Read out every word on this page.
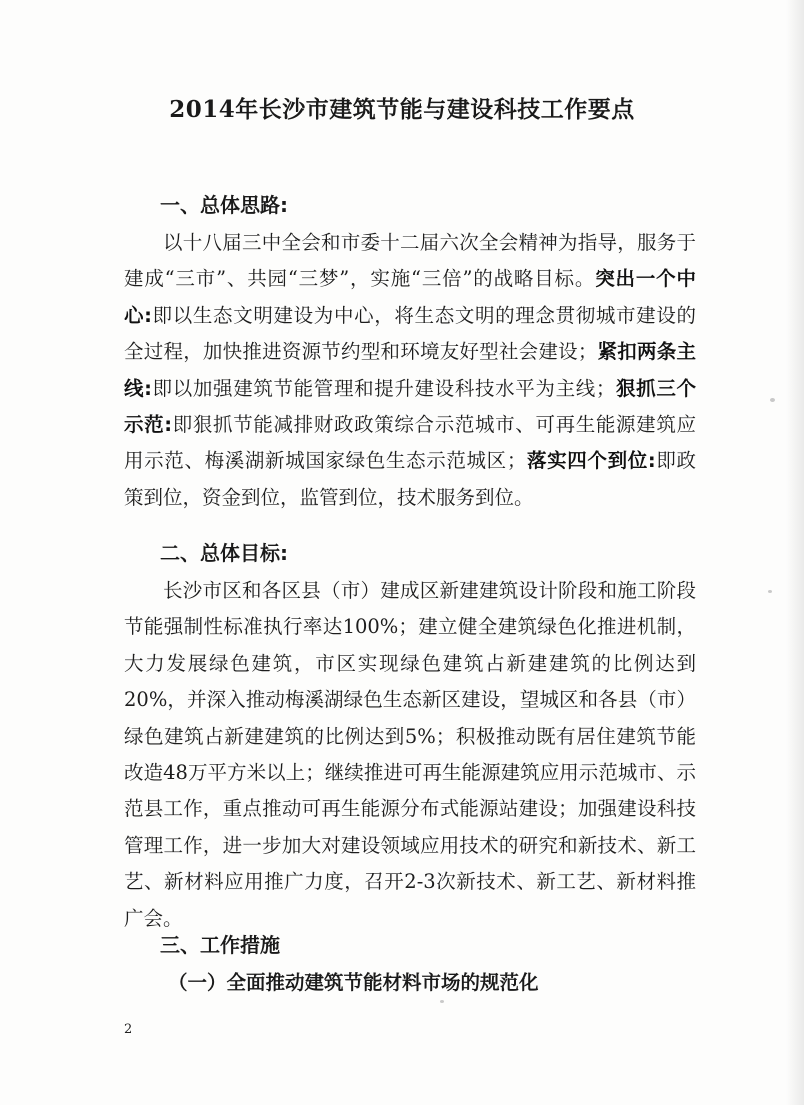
2014年长沙市建筑节能与建设科技工作要点
一、总体思路:

以十八届三中全会和市委十二届六次全会精神为指导，服务于建成“三市”、共园“三梦”，实施“三倍”的战略目标。突出一个中心:即以生态文明建设为中心，将生态文明的理念贯彻城市建设的全过程，加快推进资源节约型和环境友好型社会建设；紧扣两条主线:即以加强建筑节能管理和提升建设科技水平为主线；狠抓三个示范:即狠抓节能减排财政政策综合示范城市、可再生能源建筑应用示范、梅溪湖新城国家绿色生态示范城区；落实四个到位:即政策到位，资金到位，监管到位，技术服务到位。

二、总体目标:

长沙市区和各区县（市）建成区新建建筑设计阶段和施工阶段节能强制性标准执行率达100%；建立健全建筑绿色化推进机制，大力发展绿色建筑，市区实现绿色建筑占新建建筑的比例达到20%，并深入推动梅溪湖绿色生态新区建设，望城区和各县（市）绿色建筑占新建建筑的比例达到5%；积极推动既有居住建筑节能改造48万平方米以上；继续推进可再生能源建筑应用示范城市、示范县工作，重点推动可再生能源分布式能源站建设；加强建设科技管理工作，进一步加大对建设领域应用技术的研究和新技术、新工艺、新材料应用推广力度，召开2-3次新技术、新工艺、新材料推广会。

三、工作措施
（一）全面推动建筑节能材料市场的规范化
2
